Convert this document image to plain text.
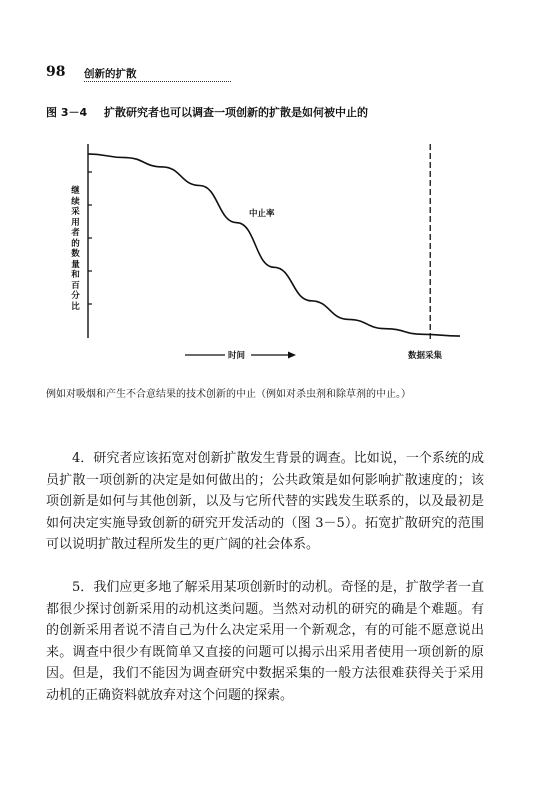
98 创新的扩散
图 3－4 扩散研究者也可以调查一项创新的扩散是如何被中止的
继续采用者的数量和百分比
中止率
时间	数据采集
例如对吸烟和产生不合意结果的技术创新的中止（例如对杀虫剂和除草剂的中止。）

4．研究者应该拓宽对创新扩散发生背景的调查。比如说，一个系统的成员扩散一项创新的决定是如何做出的；公共政策是如何影响扩散速度的；该项创新是如何与其他创新，以及与它所代替的实践发生联系的，以及最初是如何决定实施导致创新的研究开发活动的（图 3－5）。拓宽扩散研究的范围可以说明扩散过程所发生的更广阔的社会体系。

5．我们应更多地了解采用某项创新时的动机。奇怪的是，扩散学者一直都很少探讨创新采用的动机这类问题。当然对动机的研究的确是个难题。有的创新采用者说不清自己为什么决定采用一个新观念，有的可能不愿意说出来。调查中很少有既简单又直接的问题可以揭示出采用者使用一项创新的原因。但是，我们不能因为调查研究中数据采集的一般方法很难获得关于采用动机的正确资料就放弃对这个问题的探索。
